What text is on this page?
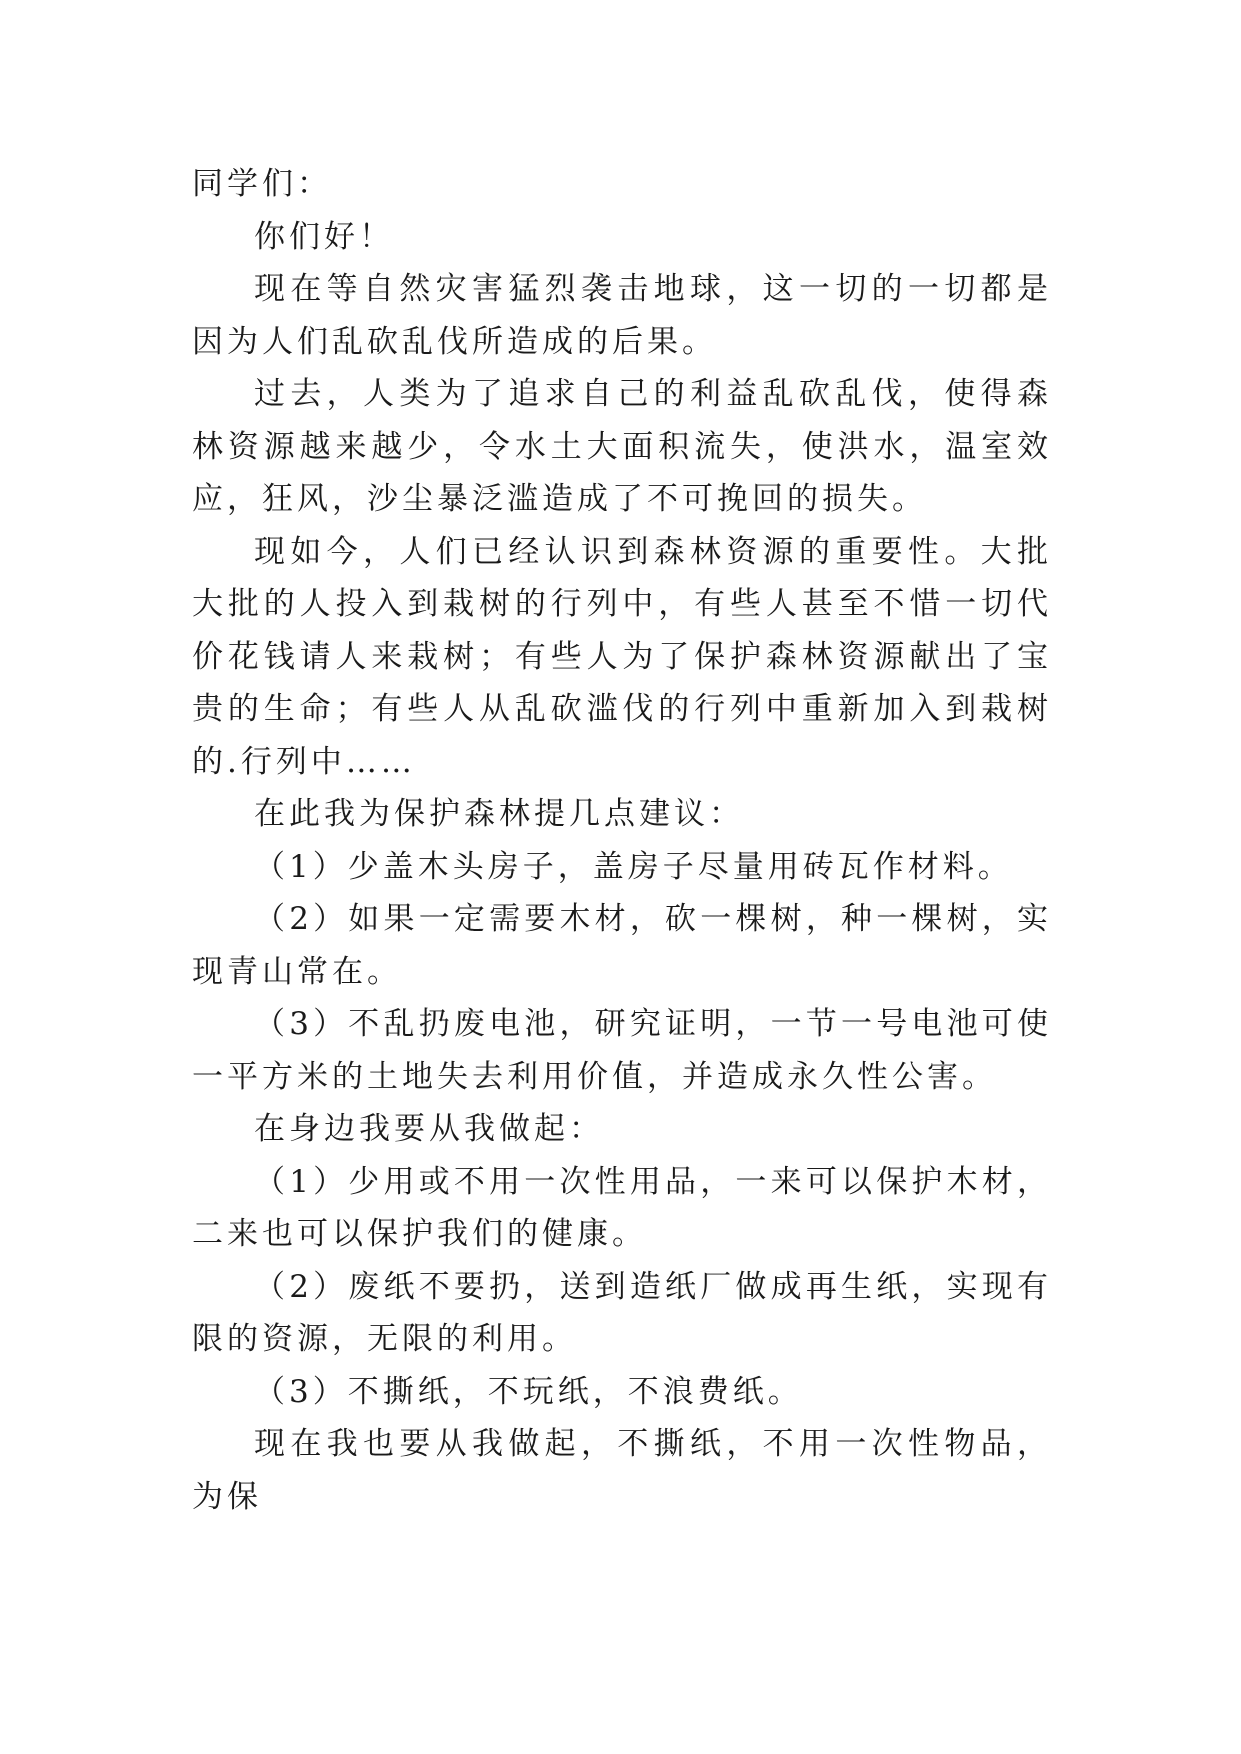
同学们：

你们好！

现在等自然灾害猛烈袭击地球，这一切的一切都是因为人们乱砍乱伐所造成的后果。

过去，人类为了追求自己的利益乱砍乱伐，使得森林资源越来越少，令水土大面积流失，使洪水，温室效应，狂风，沙尘暴泛滥造成了不可挽回的损失。

现如今，人们已经认识到森林资源的重要性。大批大批的人投入到栽树的行列中，有些人甚至不惜一切代价花钱请人来栽树；有些人为了保护森林资源献出了宝贵的生命；有些人从乱砍滥伐的行列中重新加入到栽树的.行列中……

在此我为保护森林提几点建议：

（1）少盖木头房子，盖房子尽量用砖瓦作材料。

（2）如果一定需要木材，砍一棵树，种一棵树，实现青山常在。

（3）不乱扔废电池，研究证明，一节一号电池可使一平方米的土地失去利用价值，并造成永久性公害。

在身边我要从我做起：

（1）少用或不用一次性用品，一来可以保护木材，二来也可以保护我们的健康。

（2）废纸不要扔，送到造纸厂做成再生纸，实现有限的资源，无限的利用。

（3）不撕纸，不玩纸，不浪费纸。

现在我也要从我做起，不撕纸，不用一次性物品，为保
